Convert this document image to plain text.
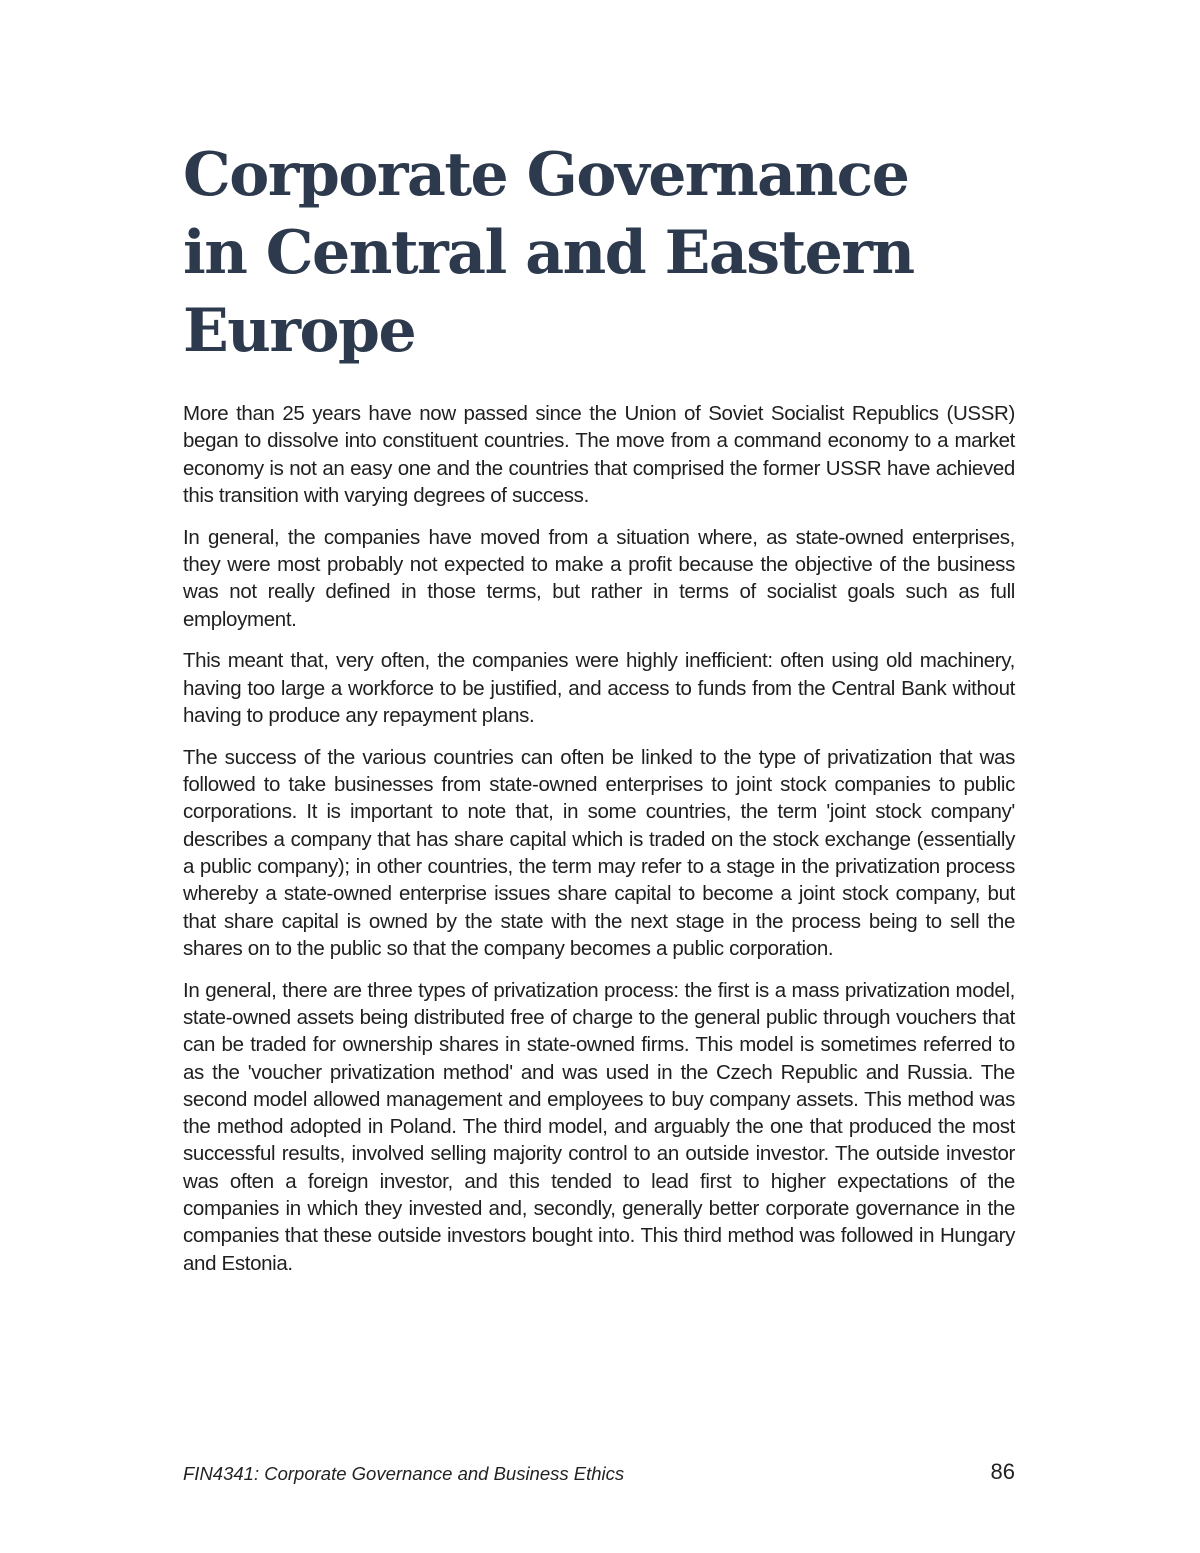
Corporate Governance
in Central and Eastern
Europe

More than 25 years have now passed since the Union of Soviet Socialist Republics (USSR) began to dissolve into constituent countries. The move from a command economy to a market economy is not an easy one and the countries that comprised the former USSR have achieved this transition with varying degrees of success.

In general, the companies have moved from a situation where, as state-owned enterprises, they were most probably not expected to make a profit because the objective of the business was not really defined in those terms, but rather in terms of socialist goals such as full employment.

This meant that, very often, the companies were highly inefficient: often using old machinery, having too large a workforce to be justified, and access to funds from the Central Bank without having to produce any repayment plans.

The success of the various countries can often be linked to the type of privatization that was followed to take businesses from state-owned enterprises to joint stock companies to public corporations. It is important to note that, in some countries, the term 'joint stock company' describes a company that has share capital which is traded on the stock exchange (essentially a public company); in other countries, the term may refer to a stage in the privatization process whereby a state-owned enterprise issues share capital to become a joint stock company, but that share capital is owned by the state with the next stage in the process being to sell the shares on to the public so that the company becomes a public corporation.

In general, there are three types of privatization process: the first is a mass privatization model, state-owned assets being distributed free of charge to the general public through vouchers that can be traded for ownership shares in state-owned firms. This model is sometimes referred to as the 'voucher privatization method' and was used in the Czech Republic and Russia. The second model allowed management and employees to buy company assets. This method was the method adopted in Poland. The third model, and arguably the one that produced the most successful results, involved selling majority control to an outside investor. The outside investor was often a foreign investor, and this tended to lead first to higher expectations of the companies in which they invested and, secondly, generally better corporate governance in the companies that these outside investors bought into. This third method was followed in Hungary and Estonia.

FIN4341: Corporate Governance and Business Ethics	86
